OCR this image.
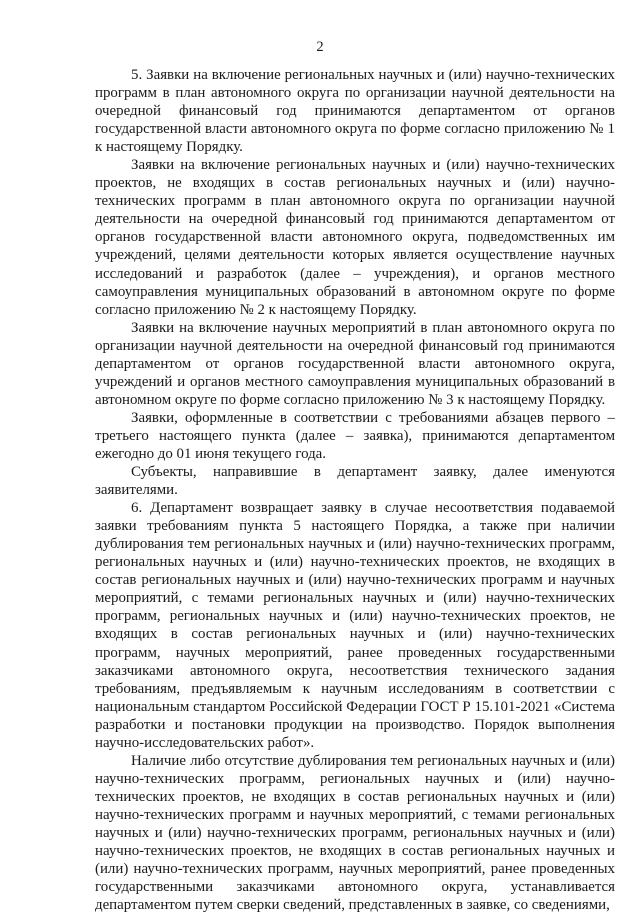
2

5. Заявки на включение региональных научных и (или) научно-технических программ в план автономного округа по организации научной деятельности на очередной финансовый год принимаются департаментом от органов государственной власти автономного округа по форме согласно приложению № 1 к настоящему Порядку.

Заявки на включение региональных научных и (или) научно-технических проектов, не входящих в состав региональных научных и (или) научно-технических программ в план автономного округа по организации научной деятельности на очередной финансовый год принимаются департаментом от органов государственной власти автономного округа, подведомственных им учреждений, целями деятельности которых является осуществление научных исследований и разработок (далее – учреждения), и органов местного самоуправления муниципальных образований в автономном округе по форме согласно приложению № 2 к настоящему Порядку.

Заявки на включение научных мероприятий в план автономного округа по организации научной деятельности на очередной финансовый год принимаются департаментом от органов государственной власти автономного округа, учреждений и органов местного самоуправления муниципальных образований в автономном округе по форме согласно приложению № 3 к настоящему Порядку.

Заявки, оформленные в соответствии с требованиями абзацев первого – третьего настоящего пункта (далее – заявка), принимаются департаментом ежегодно до 01 июня текущего года.

Субъекты, направившие в департамент заявку, далее именуются заявителями.

6. Департамент возвращает заявку в случае несоответствия подаваемой заявки требованиям пункта 5 настоящего Порядка, а также при наличии дублирования тем региональных научных и (или) научно-технических программ, региональных научных и (или) научно-технических проектов, не входящих в состав региональных научных и (или) научно-технических программ и научных мероприятий, с темами региональных научных и (или) научно-технических программ, региональных научных и (или) научно-технических проектов, не входящих в состав региональных научных и (или) научно-технических программ, научных мероприятий, ранее проведенных государственными заказчиками автономного округа, несоответствия технического задания требованиям, предъявляемым к научным исследованиям в соответствии с национальным стандартом Российской Федерации ГОСТ Р 15.101-2021 «Система разработки и постановки продукции на производство. Порядок выполнения научно-исследовательских работ».

Наличие либо отсутствие дублирования тем региональных научных и (или) научно-технических программ, региональных научных и (или) научно-технических проектов, не входящих в состав региональных научных и (или) научно-технических программ и научных мероприятий, с темами региональных научных и (или) научно-технических программ, региональных научных и (или) научно-технических проектов, не входящих в состав региональных научных и (или) научно-технических программ, научных мероприятий, ранее проведенных государственными заказчиками автономного округа, устанавливается департаментом путем сверки сведений, представленных в заявке, со сведениями,
